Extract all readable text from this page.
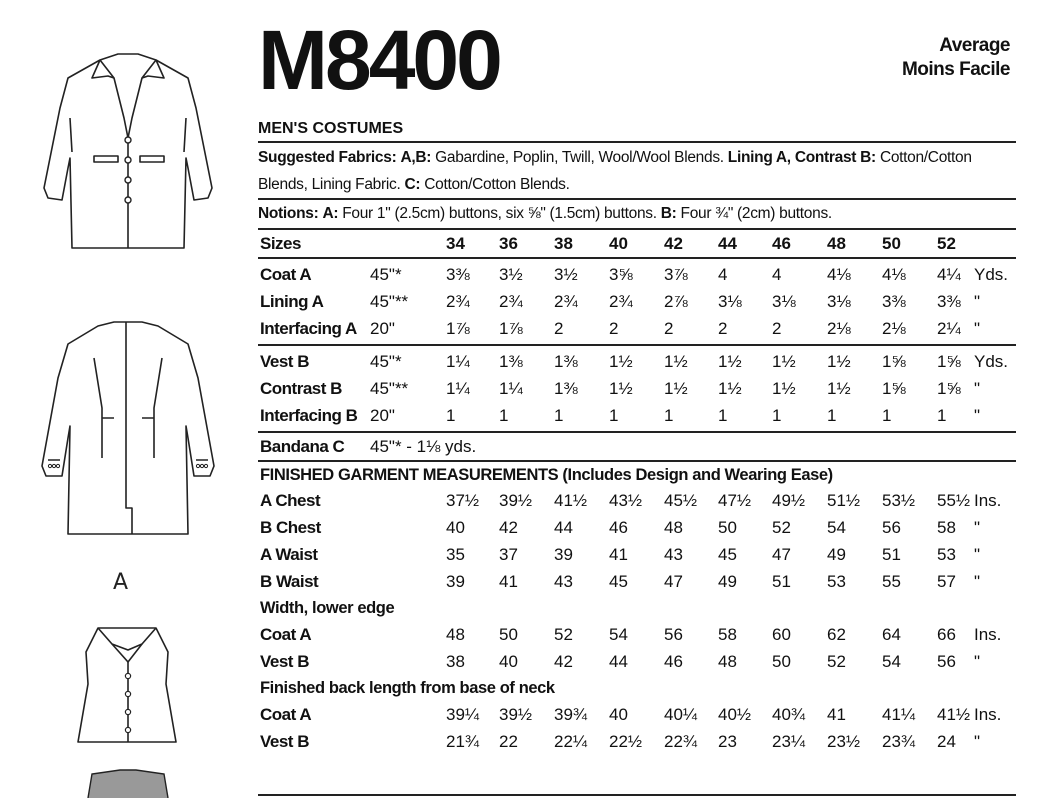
A
M8400	Average
Moins Facile
MEN'S COSTUMES
Suggested Fabrics: A,B: Gabardine, Poplin, Twill, Wool/Wool Blends. Lining A, Contrast B: Cotton/Cotton
Blends, Lining Fabric. C: Cotton/Cotton Blends.
Notions: A: Four 1" (2.5cm) buttons, six ⅝" (1.5cm) buttons. B: Four ¾" (2cm) buttons.
Sizes	34 36 38 40 42 44 46 48 50 52
Coat A	45"*	3⅜ 3½ 3½ 3⅝ 3⅞ 4	4	4⅛ 4⅛ 4¼ Yds.
Lining A	45"** 2¾ 2¾ 2¾ 2¾ 2⅞ 3⅛ 3⅛ 3⅛ 3⅜ 3⅜ "
Interfacing A 20"	1⅞ 1⅞ 2	2	2	2	2	2⅛ 2⅛ 2¼ "
Vest B	45"*	1¼ 1⅜ 1⅜ 1½ 1½ 1½ 1½ 1½ 1⅝ 1⅝ Yds.
Contrast B 45"** 1¼ 1¼ 1⅜ 1½ 1½ 1½ 1½ 1½ 1⅝ 1⅝ "
Interfacing B 20"	1	1	1	1	1	1	1	1	1	1 "
Bandana C 45"* - 1⅛ yds.
FINISHED GARMENT MEASUREMENTS (Includes Design and Wearing Ease)
A Chest	37½ 39½ 41½ 43½ 45½ 47½ 49½ 51½ 53½ 55½ Ins.
B Chest	40 42 44 46 48 50 52 54 56 58 "
A Waist	35 37 39 41 43 45 47 49 51 53 "
B Waist	39 41 43 45 47 49 51 53 55 57 "
Width, lower edge
Coat A	48 50 52 54 56 58 60 62 64 66 Ins.
Vest B	38 40 42 44 46 48 50 52 54 56 "
Finished back length from base of neck
Coat A	39¼ 39½ 39¾ 40 40¼ 40½ 40¾ 41 41¼ 41½ Ins.
Vest B	21¾ 22 22¼ 22½ 22¾ 23 23¼ 23½ 23¾ 24 "
